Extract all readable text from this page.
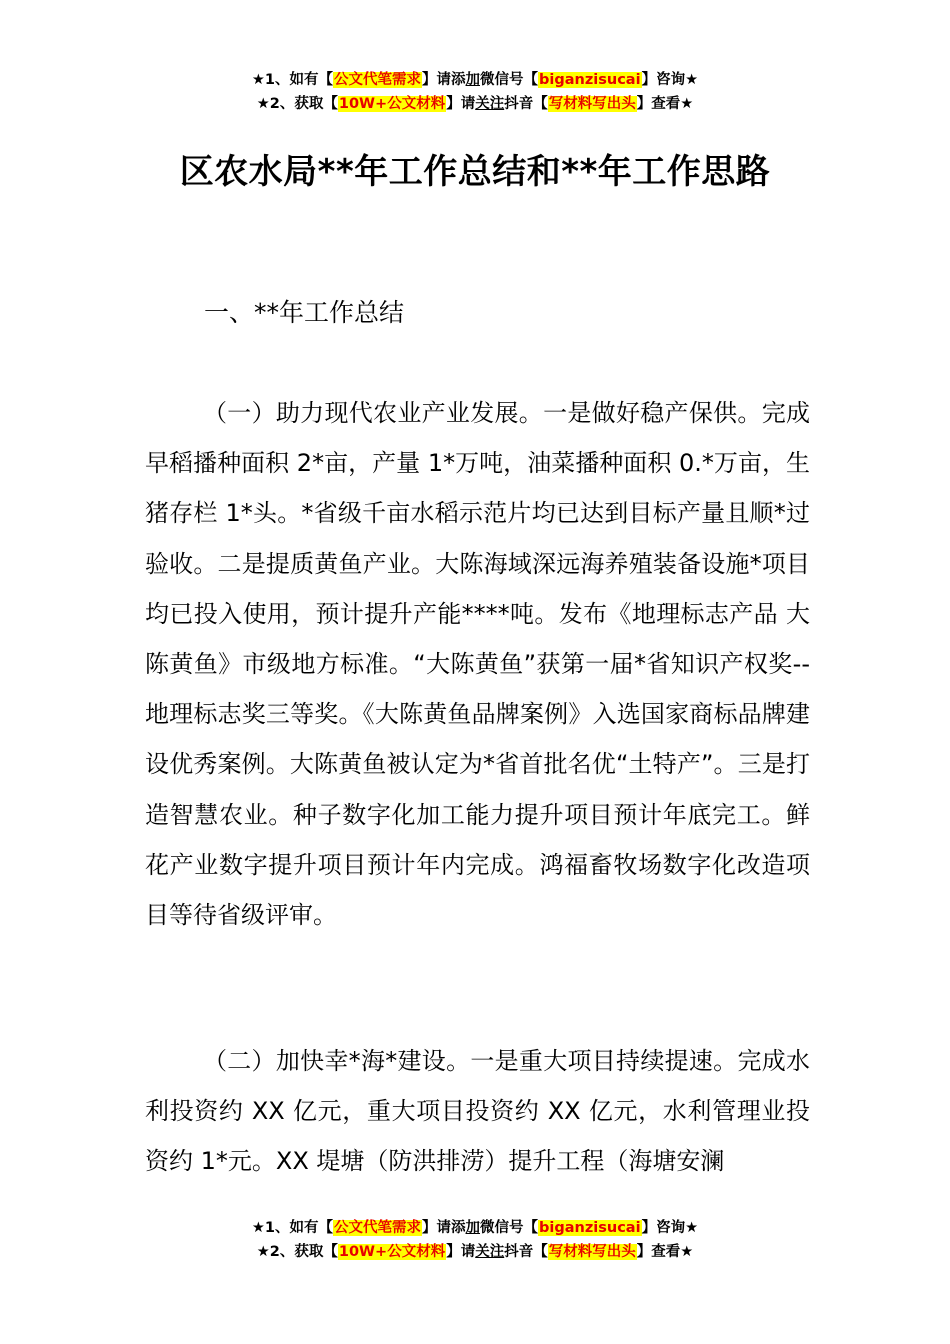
★1、如有【公文代笔需求】请添加微信号【biganzisucai】咨询★
★2、获取【10W+公文材料】请关注抖音【写材料写出头】查看★
区农水局**年工作总结和**年工作思路
一、**年工作总结
（一）助力现代农业产业发展。一是做好稳产保供。完成早稻播种面积 2*亩，产量 1*万吨，油菜播种面积 0.*万亩，生猪存栏 1*头。*省级千亩水稻示范片均已达到目标产量且顺*过验收。二是提质黄鱼产业。大陈海域深远海养殖装备设施*项目均已投入使用，预计提升产能****吨。发布《地理标志产品 大陈黄鱼》市级地方标准。“大陈黄鱼”获第一届*省知识产权奖--地理标志奖三等奖。《大陈黄鱼品牌案例》入选国家商标品牌建设优秀案例。大陈黄鱼被认定为*省首批名优“土特产”。三是打造智慧农业。种子数字化加工能力提升项目预计年底完工。鲜花产业数字提升项目预计年内完成。鸿福畜牧场数字化改造项目等待省级评审。
（二）加快幸*海*建设。一是重大项目持续提速。完成水利投资约 XX 亿元，重大项目投资约 XX 亿元，水利管理业投资约 1*元。XX 堤塘（防洪排涝）提升工程（海塘安澜
★1、如有【公文代笔需求】请添加微信号【biganzisucai】咨询★
★2、获取【10W+公文材料】请关注抖音【写材料写出头】查看★
